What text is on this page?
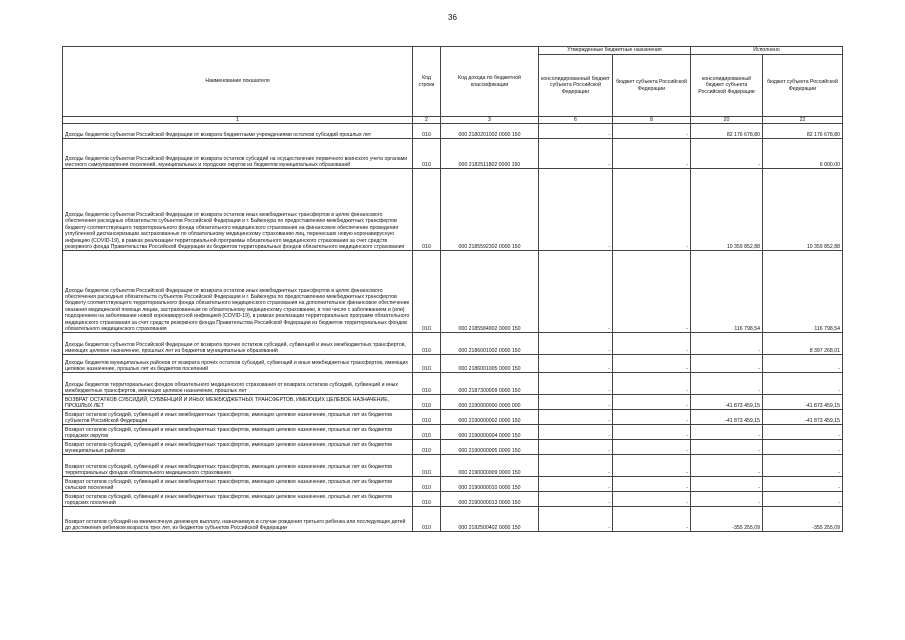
36
Наименование показателя	Код строки	Код дохода по бюджетной классификации	Утвержденные бюджетные назначения		Исполнено	
			консолидированный бюджет субъекта Российской Федерации	бюджет субъекта Российской Федерации	консолидированный бюджет субъекта Российской Федерации	бюджет субъекта Российской Федерации
1	2	3	6	8	20	22
Доходы бюджетов субъектов Российской Федерации от возврата бюджетными учреждениями остатков субсидий прошлых лет	010	000 2180201002 0000 150	-	-	82 176 678,80	82 176 678,80
Доходы бюджетов субъектов Российской Федерации от возврата остатков субсидий на осуществление первичного воинского учета органами местного самоуправления поселений, муниципальных и городских округов из бюджетов муниципальных образований	010	000 2182511802 0000 150	-	-	-	6 000,00
Доходы бюджетов субъектов Российской Федерации от возврата остатков иных межбюджетных трансфертов в целях финансового обеспечения расходных обязательств субъектов Российской Федерации и г. Байконура по предоставлению межбюджетных трансфертов бюджету соответствующего территориального фонда обязательного медицинского страхования на финансовое обеспечение проведения углубленной диспансеризации застрахованных по обязательному медицинскому страхованию лиц, перенесших новую коронавирусную инфекцию (COVID-19), в рамках реализации территориальной программы обязательного медицинского страхования за счет средств резервного фонда Правительства Российской Федерации из бюджетов территориальных фондов обязательного медицинского страхования	010	000 2185592302 0000 150	-	-	10 359 852,88	10 359 852,88
Доходы бюджетов субъектов Российской Федерации от возврата остатков иных межбюджетных трансфертов в целях финансового обеспечения расходных обязательств субъектов Российской Федерации и г. Байконура по предоставлению межбюджетных трансфертов бюджету соответствующего территориального фонда обязательного медицинского страхования на дополнительное финансовое обеспечение оказания медицинской помощи лицам, застрахованным по обязательному медицинскому страхованию, в том числе с заболеванием и (или) подозрением на заболевание новой коронавирусной инфекцией (COVID-19), в рамках реализации территориальных программ обязательного медицинского страхования за счет средств резервного фонда Правительства Российской Федерации из бюджетов территориальных фондов обязательного медицинского страхования	010	000 2185584902 0000 150	-	-	116 798,54	116 798,54
Доходы бюджетов субъектов Российской Федерации от возврата прочих остатков субсидий, субвенций и иных межбюджетных трансфертов, имеющих целевое назначение, прошлых лет из бюджетов муниципальных образований	010	000 2186001002 0000 150	-	-	-	8 397 268,01
Доходы бюджетов муниципальных районов от возврата прочих остатков субсидий, субвенций и иных межбюджетных трансфертов, имеющих целевое назначение, прошлых лет из бюджетов поселений	010	000 2186001005 0000 150	-	-	-	-
Доходы бюджетов территориальных фондов обязательного медицинского страхования от возврата остатков субсидий, субвенций и иных межбюджетных трансфертов, имеющих целевое назначение, прошлых лет	010	000 2187300009 0000 150	-	-	-	-
ВОЗВРАТ ОСТАТКОВ СУБСИДИЙ, СУБВЕНЦИЙ И ИНЫХ МЕЖБЮДЖЕТНЫХ ТРАНСФЕРТОВ, ИМЕЮЩИХ ЦЕЛЕВОЕ НАЗНАЧЕНИЕ, ПРОШЛЫХ ЛЕТ	010	000 2190000000 0000 000	-	-	-41 873 459,15	-41 873 459,15
Возврат остатков субсидий, субвенций и иных межбюджетных трансфертов, имеющих целевое назначение, прошлых лет из бюджетов субъектов Российской Федерации	010	000 2190000002 0000 150	-	-	-41 873 459,15	-41 873 459,15
Возврат остатков субсидий, субвенций и иных межбюджетных трансфертов, имеющих целевое назначение, прошлых лет из бюджетов городских округов	010	000 2190000004 0000 150	-	-	-	-
Возврат остатков субсидий, субвенций и иных межбюджетных трансфертов, имеющих целевое назначение, прошлых лет из бюджетов муниципальных районов	010	000 2190000005 0000 150	-	-	-	-
Возврат остатков субсидий, субвенций и иных межбюджетных трансфертов, имеющих целевое назначение, прошлых лет из бюджетов территориальных фондов обязательного медицинского страхования	010	000 2190000009 0000 150	-	-	-	-
Возврат остатков субсидий, субвенций и иных межбюджетных трансфертов, имеющих целевое назначение, прошлых лет из бюджетов сельских поселений	010	000 2190000010 0000 150	-	-	-	-
Возврат остатков субсидий, субвенций и иных межбюджетных трансфертов, имеющих целевое назначение, прошлых лет из бюджетов городских поселений	010	000 2190000013 0000 150	-	-	-	-
Возврат остатков субсидий на ежемесячную денежную выплату, назначаемую в случае рождения третьего ребенка или последующих детей до достижения ребенком возраста трех лет, из бюджетов субъектов Российской Федерации	010	000 2192500402 0000 150	-	-	-355 255,09	-355 255,09
